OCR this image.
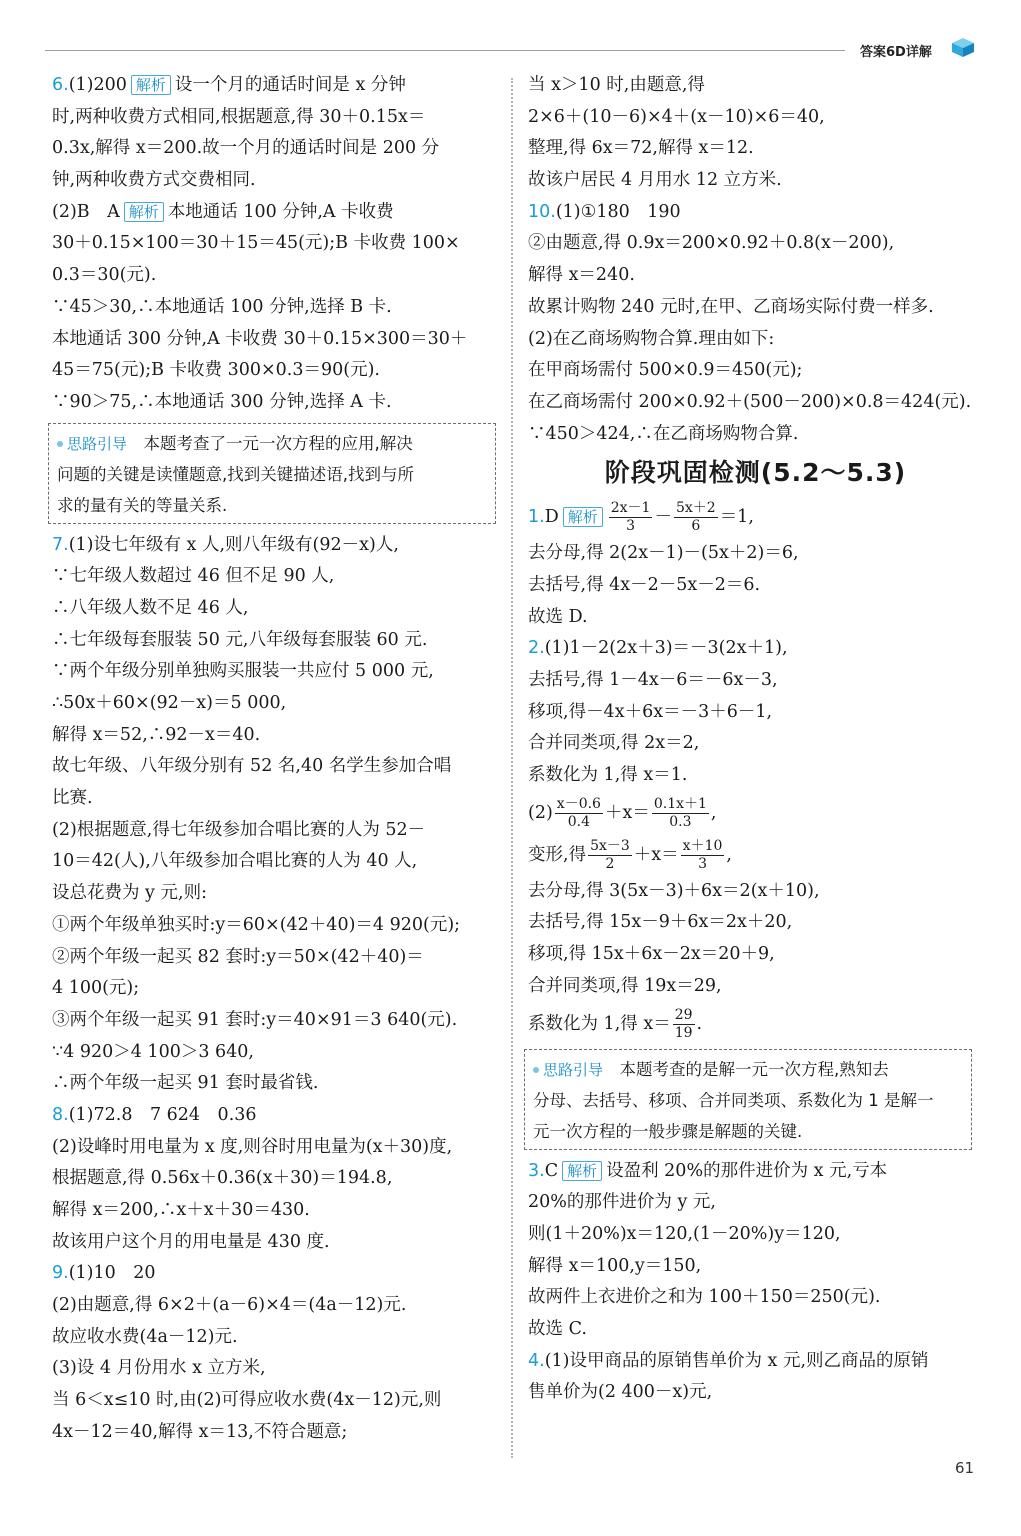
答案6D详解
6.(1)200 解析 设一个月的通话时间是 x 分钟
时,两种收费方式相同,根据题意,得 30＋0.15x＝
0.3x,解得 x＝200.故一个月的通话时间是 200 分
钟,两种收费方式交费相同.
(2)B　A 解析 本地通话 100 分钟,A 卡收费
30＋0.15×100＝30＋15＝45(元);B 卡收费 100×
0.3＝30(元).
∵45＞30,∴本地通话 100 分钟,选择 B 卡.
本地通话 300 分钟,A 卡收费 30＋0.15×300＝30＋
45＝75(元);B 卡收费 300×0.3＝90(元).
∵90＞75,∴本地通话 300 分钟,选择 A 卡.
思路引导　 本题考查了一元一次方程的应用,解决
问题的关键是读懂题意,找到关键描述语,找到与所
求的量有关的等量关系.
7.(1)设七年级有 x 人,则八年级有(92－x)人,
∵七年级人数超过 46 但不足 90 人,
∴八年级人数不足 46 人,
∴七年级每套服装 50 元,八年级每套服装 60 元.
∵两个年级分别单独购买服装一共应付 5 000 元,
∴50x＋60×(92－x)＝5 000,
解得 x＝52,∴92－x＝40.
故七年级、八年级分别有 52 名,40 名学生参加合唱
比赛.
(2)根据题意,得七年级参加合唱比赛的人为 52－
10＝42(人),八年级参加合唱比赛的人为 40 人,
设总花费为 y 元,则:
①两个年级单独买时:y＝60×(42＋40)＝4 920(元);
②两个年级一起买 82 套时:y＝50×(42＋40)＝
4 100(元);
③两个年级一起买 91 套时:y＝40×91＝3 640(元).
∵4 920＞4 100＞3 640,
∴两个年级一起买 91 套时最省钱.
8.(1)72.8　7 624　0.36
(2)设峰时用电量为 x 度,则谷时用电量为(x＋30)度,
根据题意,得 0.56x＋0.36(x＋30)＝194.8,
解得 x＝200,∴x＋x＋30＝430.
故该用户这个月的用电量是 430 度.
9.(1)10　20
(2)由题意,得 6×2＋(a－6)×4＝(4a－12)元.
故应收水费(4a－12)元.
(3)设 4 月份用水 x 立方米,
当 6＜x≤10 时,由(2)可得应收水费(4x－12)元,则
4x－12＝40,解得 x＝13,不符合题意;
当 x＞10 时,由题意,得
2×6＋(10－6)×4＋(x－10)×6＝40,
整理,得 6x＝72,解得 x＝12.
故该户居民 4 月用水 12 立方米.
10.(1)①180　190
②由题意,得 0.9x＝200×0.92＋0.8(x－200),
解得 x＝240.
故累计购物 240 元时,在甲、乙商场实际付费一样多.
(2)在乙商场购物合算.理由如下:
在甲商场需付 500×0.9＝450(元);
在乙商场需付 200×0.92＋(500－200)×0.8＝424(元).
∵450＞424,∴在乙商场购物合算.
阶段巩固检测(5.2～5.3)
1.D 解析 $\frac{2x-1}{3} - \frac{5x+2}{6} =1$,
去分母,得 2(2x－1)－(5x＋2)＝6,
去括号,得 4x－2－5x－2＝6.
故选 D.
2.(1)1－2(2x＋3)＝－3(2x＋1),
去括号,得 1－4x－6＝－6x－3,
移项,得－4x＋6x＝－3＋6－1,
合并同类项,得 2x＝2,
系数化为 1,得 x＝1.
$(2) \frac{x-0.6}{0.4} +x= \frac{0.1x+1}{0.3}$ ,
变形,得 $\frac{5x-3}{2} +x= \frac{x+10}{3}$ ,
去分母,得 3(5x－3)＋6x＝2(x＋10),
去括号,得 15x－9＋6x＝2x＋20,
移项,得 15x＋6x－2x＝20＋9,
合并同类项,得 19x＝29,
系数化为 1,得 $x= \frac{29}{19}$ .
思路引导　 本题考查的是解一元一次方程,熟知去
分母、去括号、移项、合并同类项、系数化为 1 是解一
元一次方程的一般步骤是解题的关键.
3.C 解析 设盈利 20%的那件进价为 x 元,亏本
20%的那件进价为 y 元,
则(1＋20%)x＝120,(1－20%)y＝120,
解得 x＝100,y＝150,
故两件上衣进价之和为 100＋150＝250(元).
故选 C.
4.(1)设甲商品的原销售单价为 x 元,则乙商品的原销
售单价为(2 400－x)元,
61
